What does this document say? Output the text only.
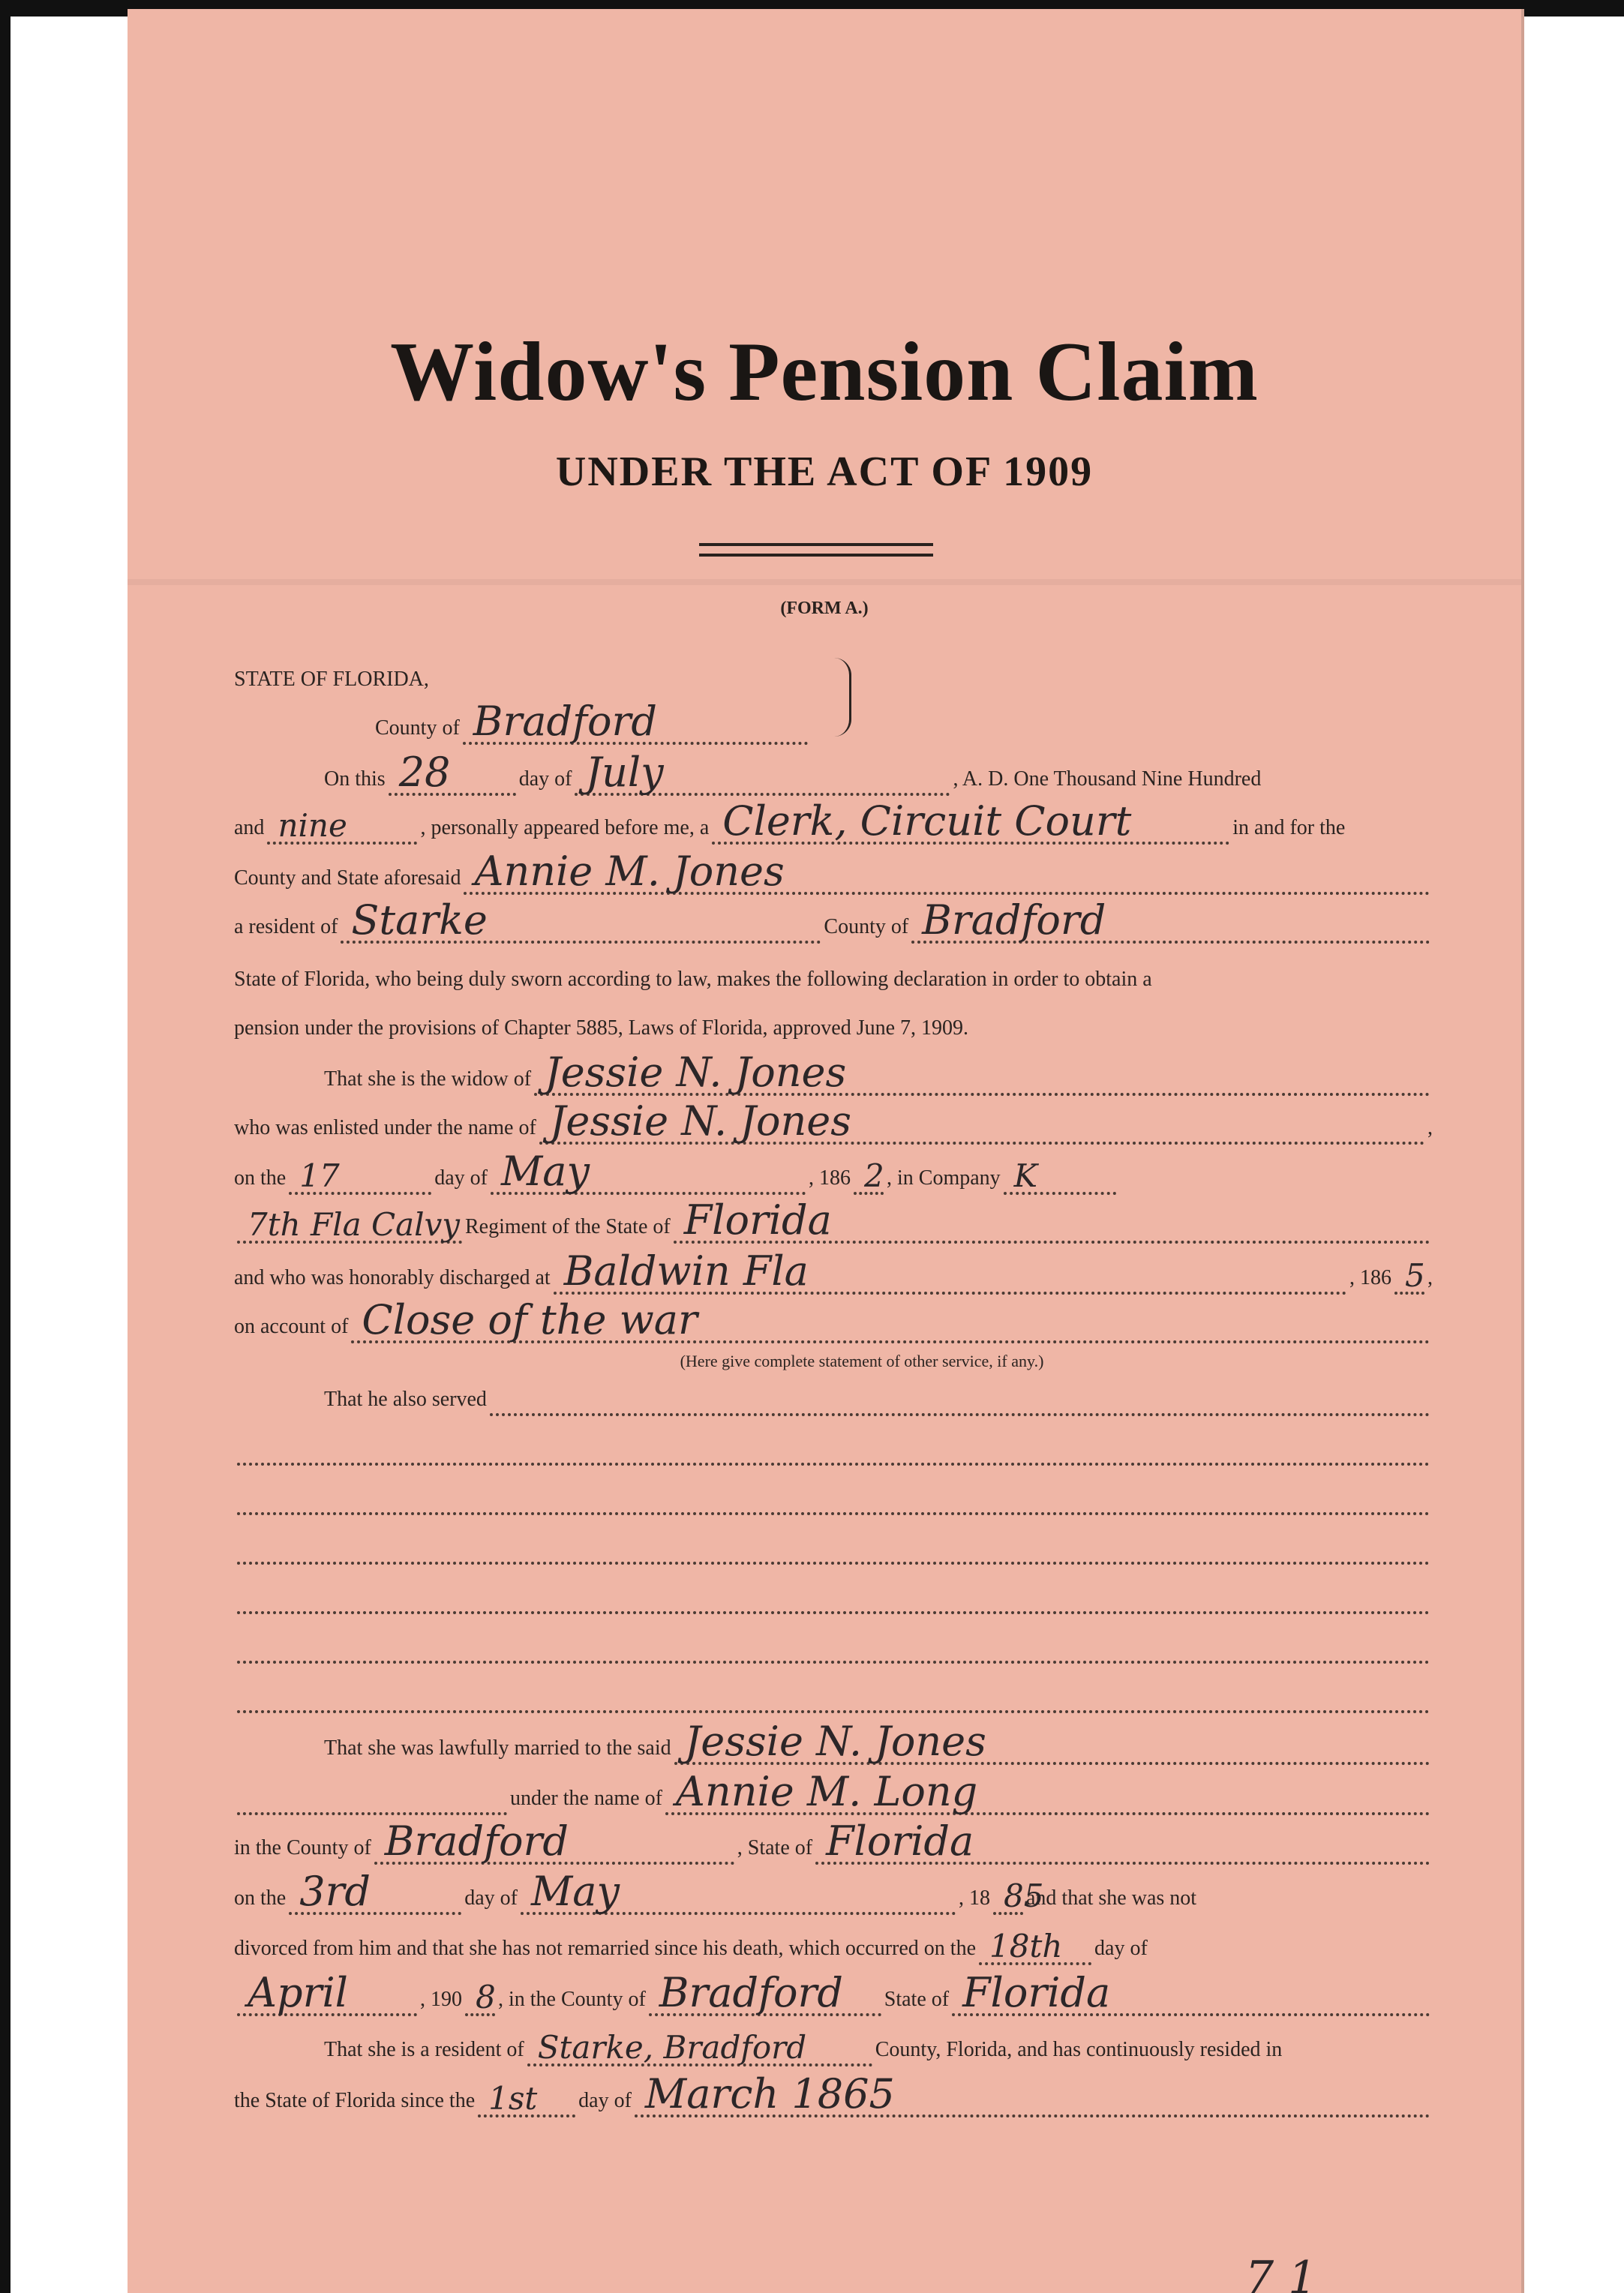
Widow's Pension Claim
UNDER THE ACT OF 1909
(FORM A.)
STATE OF FLORIDA,
County of Bradford
On this 28	day of July	, A. D. One Thousand Nine Hundred
and nine	, personally appeared before me, a Clerk, Circuit Court	in and for the
County and State aforesaid Annie M. Jones
a resident of Starke	County of Bradford
State of Florida, who being duly sworn according to law, makes the following declaration in order to obtain a
pension under the provisions of Chapter 5885, Laws of Florida, approved June 7, 1909.
That she is the widow of Jessie N. Jones
who was enlisted under the name of Jessie N. Jones	,
on the 17	day of May	, 186 2 , in Company K
7th Fla Calvy Regiment of the State of Florida
and who was honorably discharged at Baldwin Fla	, 186 5 ,
on account of Close of the war
That he also served
That she was lawfully married to the said Jessie N. Jones
under the name of Annie M. Long
in the County of Bradford	, State of Florida
on the 3rd	day of May	, 18 85
and that she was not
divorced from him and that she has not remarried since his death, which occurred on the 18th day of
April	, 190 8 , in the County of Bradford State of Florida
That she is a resident of Starke, Bradford	County, Florida, and has continuously resided in
the State of Florida since the 1st day of March 1865
(Here give complete statement of other service, if any.)
7 1
